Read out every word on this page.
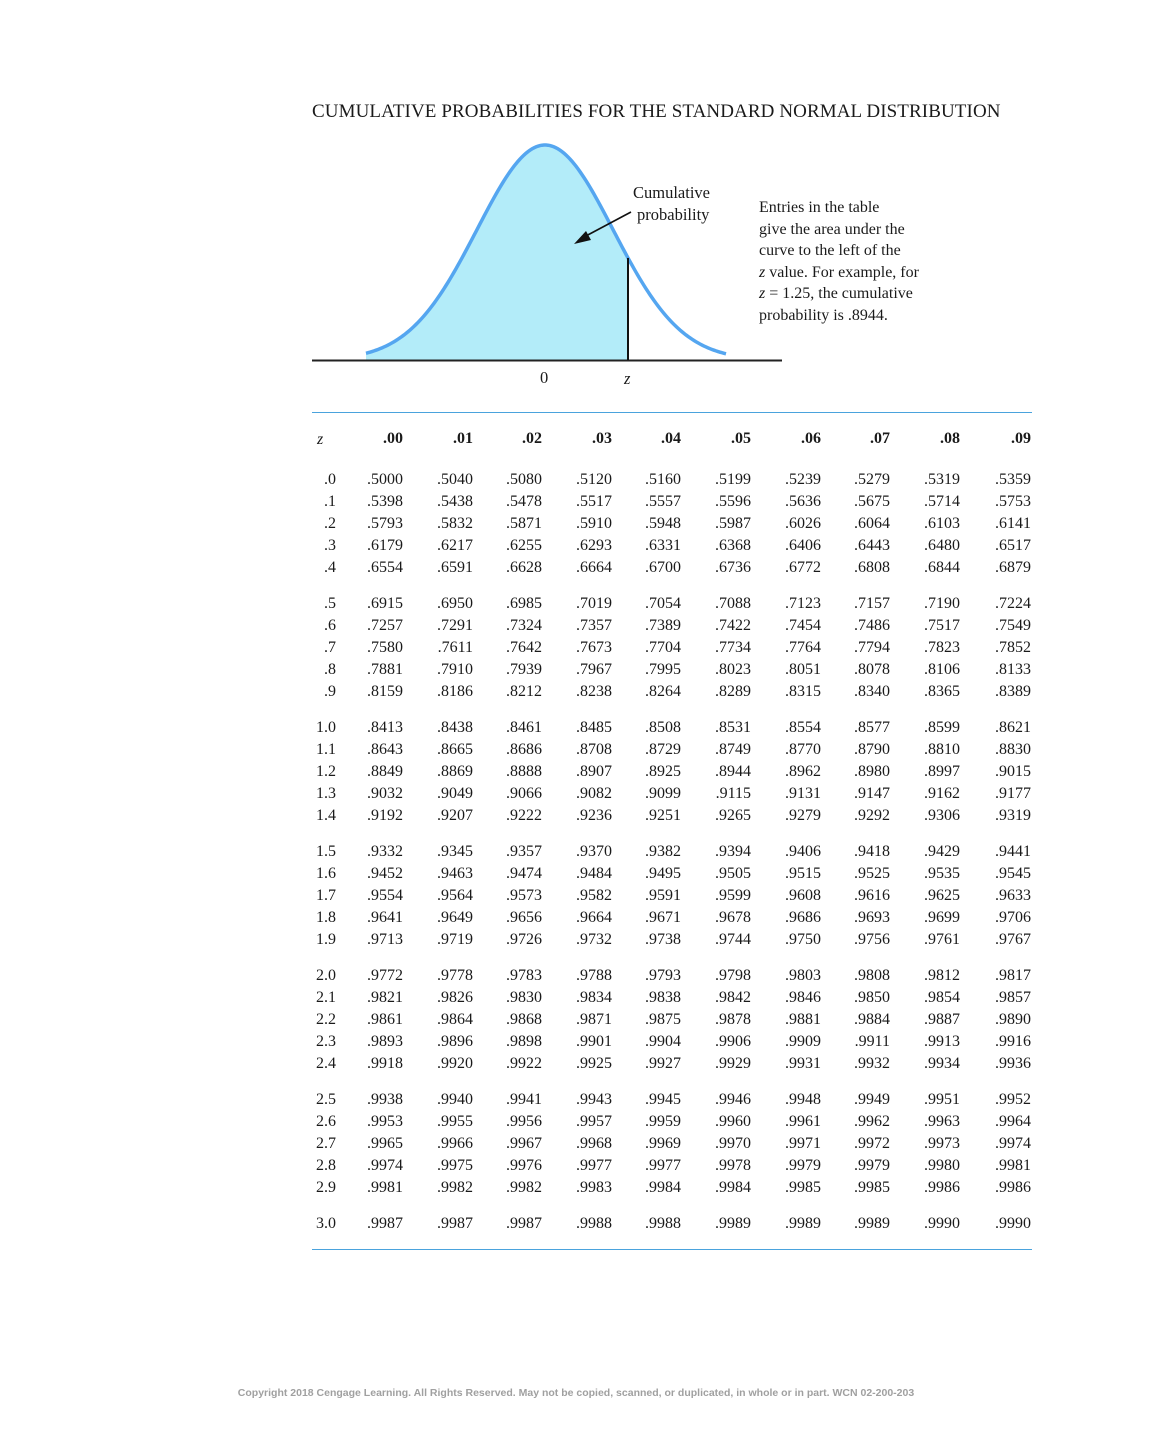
CUMULATIVE PROBABILITIES FOR THE STANDARD NORMAL DISTRIBUTION
Cumulative
probability
0	z
Entries in the table
give the area under the
curve to the left of the
z value. For example, for
z = 1.25, the cumulative
probability is .8944.
z	.00	.01	.02	.03	.04	.05	.06	.07	.08	.09
.0	.5000	.5040	.5080	.5120	.5160	.5199	.5239	.5279	.5319	.5359
.1	.5398	.5438	.5478	.5517	.5557	.5596	.5636	.5675	.5714	.5753
.2	.5793	.5832	.5871	.5910	.5948	.5987	.6026	.6064	.6103	.6141
.3	.6179	.6217	.6255	.6293	.6331	.6368	.6406	.6443	.6480	.6517
.4	.6554	.6591	.6628	.6664	.6700	.6736	.6772	.6808	.6844	.6879
.5	.6915	.6950	.6985	.7019	.7054	.7088	.7123	.7157	.7190	.7224
.6	.7257	.7291	.7324	.7357	.7389	.7422	.7454	.7486	.7517	.7549
.7	.7580	.7611	.7642	.7673	.7704	.7734	.7764	.7794	.7823	.7852
.8	.7881	.7910	.7939	.7967	.7995	.8023	.8051	.8078	.8106	.8133
.9	.8159	.8186	.8212	.8238	.8264	.8289	.8315	.8340	.8365	.8389
1.0	.8413	.8438	.8461	.8485	.8508	.8531	.8554	.8577	.8599	.8621
1.1	.8643	.8665	.8686	.8708	.8729	.8749	.8770	.8790	.8810	.8830
1.2	.8849	.8869	.8888	.8907	.8925	.8944	.8962	.8980	.8997	.9015
1.3	.9032	.9049	.9066	.9082	.9099	.9115	.9131	.9147	.9162	.9177
1.4	.9192	.9207	.9222	.9236	.9251	.9265	.9279	.9292	.9306	.9319
1.5	.9332	.9345	.9357	.9370	.9382	.9394	.9406	.9418	.9429	.9441
1.6	.9452	.9463	.9474	.9484	.9495	.9505	.9515	.9525	.9535	.9545
1.7	.9554	.9564	.9573	.9582	.9591	.9599	.9608	.9616	.9625	.9633
1.8	.9641	.9649	.9656	.9664	.9671	.9678	.9686	.9693	.9699	.9706
1.9	.9713	.9719	.9726	.9732	.9738	.9744	.9750	.9756	.9761	.9767
2.0	.9772	.9778	.9783	.9788	.9793	.9798	.9803	.9808	.9812	.9817
2.1	.9821	.9826	.9830	.9834	.9838	.9842	.9846	.9850	.9854	.9857
2.2	.9861	.9864	.9868	.9871	.9875	.9878	.9881	.9884	.9887	.9890
2.3	.9893	.9896	.9898	.9901	.9904	.9906	.9909	.9911	.9913	.9916
2.4	.9918	.9920	.9922	.9925	.9927	.9929	.9931	.9932	.9934	.9936
2.5	.9938	.9940	.9941	.9943	.9945	.9946	.9948	.9949	.9951	.9952
2.6	.9953	.9955	.9956	.9957	.9959	.9960	.9961	.9962	.9963	.9964
2.7	.9965	.9966	.9967	.9968	.9969	.9970	.9971	.9972	.9973	.9974
2.8	.9974	.9975	.9976	.9977	.9977	.9978	.9979	.9979	.9980	.9981
2.9	.9981	.9982	.9982	.9983	.9984	.9984	.9985	.9985	.9986	.9986
3.0	.9987	.9987	.9987	.9988	.9988	.9989	.9989	.9989	.9990	.9990
Copyright 2018 Cengage Learning. All Rights Reserved. May not be copied, scanned, or duplicated, in whole or in part. WCN 02-200-203
